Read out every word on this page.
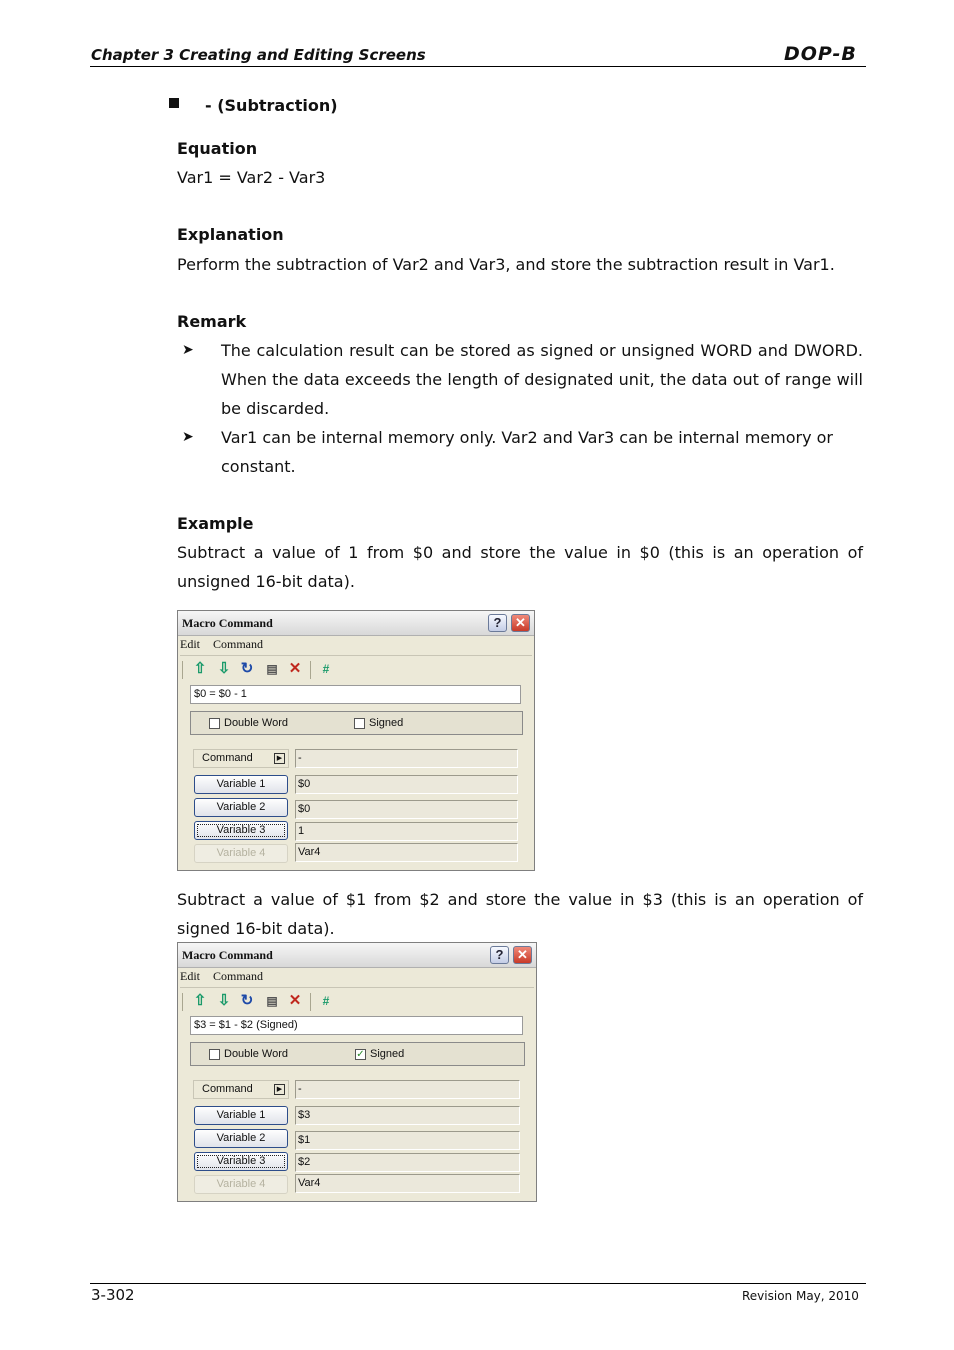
Chapter 3 Creating and Editing Screens	DOP-B
- (Subtraction)
Equation
Var1 = Var2 - Var3
Explanation
Perform the subtraction of Var2 and Var3, and store the subtraction result in Var1.
Remark
➤ The calculation result can be stored as signed or unsigned WORD and DWORD.
When the data exceeds the length of designated unit, the data out of range will
be discarded.
➤ Var1 can be internal memory only. Var2 and Var3 can be internal memory or
constant.
Example
Subtract a value of 1 from $0 and store the value in $0 (this is an operation of
unsigned 16-bit data).
Macro Command	?	✕
Edit Command
⇧ ⇩ ↻ ▤ ✕	#
$0 = $0 - 1
Double Word	Signed
Command	▶ -
Variable 1	$0
Variable 2	$0
Variable 3	1
Variable 4	Var4
Subtract a value of $1 from $2 and store the value in $3 (this is an operation of
signed 16-bit data).
Macro Command	?	✕
Edit Command
⇧ ⇩ ↻ ▤ ✕	#
$3 = $1 - $2 (Signed)
Double Word	✓ Signed
Command	▶ -
Variable 1	$3
Variable 2	$1
Variable 3	$2
Variable 4	Var4
3-302	Revision May, 2010
